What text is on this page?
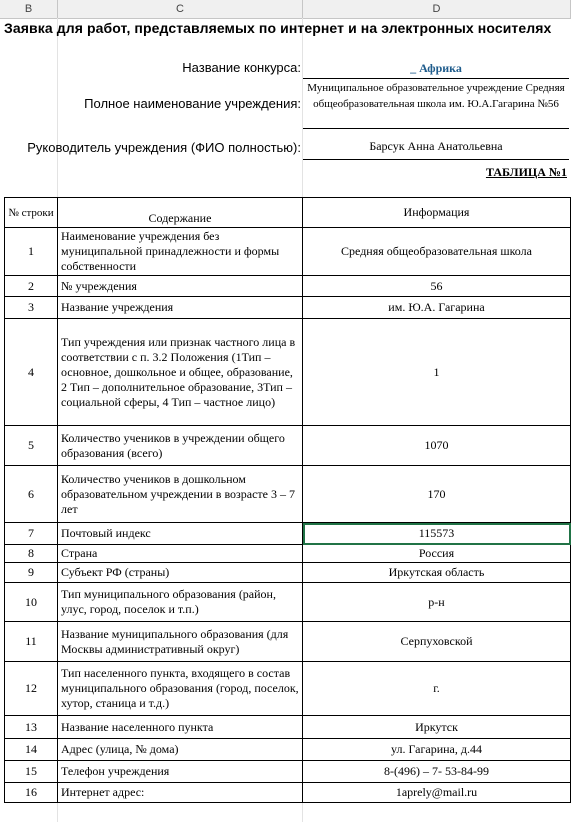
B	C	D
Заявка для работ, представляемых по интернет и на электронных носителях
Название конкурса:	_ Африка
Полное наименование учреждения:
Муниципальное образовательное учреждение Средняя общеобразовательная школа им. Ю.А.Гагарина №56
Руководитель учреждения (ФИО полностью):	Барсук Анна Анатольевна
ТАБЛИЦА №1
№ строки	Содержание	Информация
1	Наименование учреждения без муниципальной принадлежности и формы собственности	Средняя общеобразовательная школа
2	№ учреждения	56
3	Название учреждения	им. Ю.А. Гагарина
4	Тип учреждения или признак частного лица в соответствии с п. 3.2 Положения (1Тип – основное, дошкольное и общее, образование, 2 Тип – дополнительное образование, 3Тип – социальной сферы, 4 Тип – частное лицо)	1
5	Количество учеников в учреждении общего образования (всего)	1070
6	Количество учеников в дошкольном образовательном учреждении в возрасте 3 – 7 лет	170
7	Почтовый индекс	115573
8	Страна	Россия
9	Субъект РФ (страны)	Иркутская область
10	Тип муниципального образования (район, улус, город, поселок и т.п.)	р-н
11	Название муниципального образования (для Москвы административный округ)	Серпуховской
12	Тип населенного пункта, входящего в состав муниципального образования (город, поселок, хутор, станица и т.д.)	г.
13	Название населенного пункта	Иркутск
14	Адрес (улица, № дома)	ул. Гагарина, д.44
15	Телефон учреждения	8-(496) – 7- 53-84-99
16	Интернет адрес:	1aprely@mail.ru
